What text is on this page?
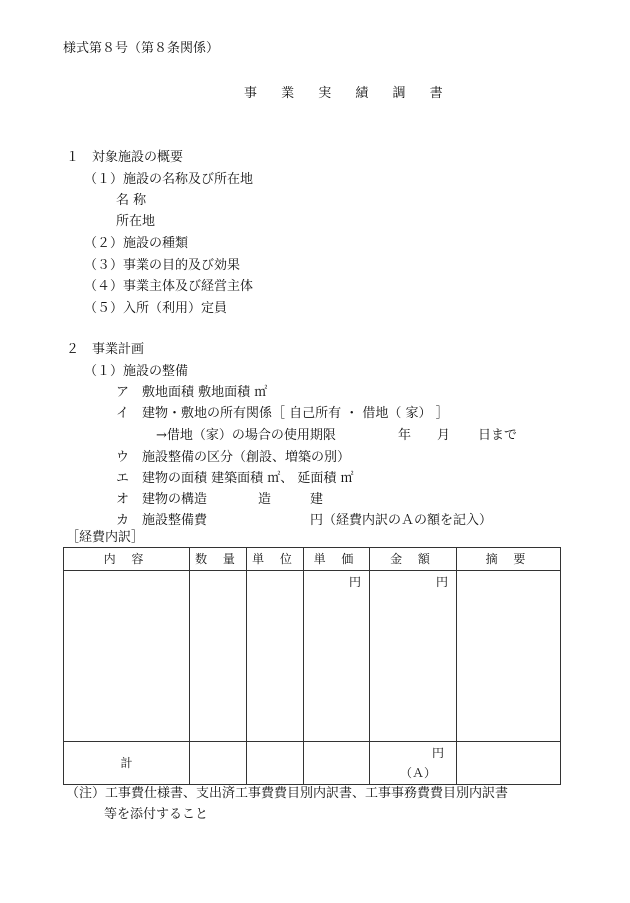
様式第８号（第８条関係）
事 業 実 績 調 書
１　対象施設の概要
（１）施設の名称及び所在地
名 称
所在地
（２）施設の種類
（３）事業の目的及び効果
（４）事業主体及び経営主体
（５）入所（利用）定員
２　事業計画
（１）施設の整備
ア　敷地面積 敷地面積 ㎡
イ　建物・敷地の所有関係［ 自己所有 ・ 借地（ 家） ］
→借地（家）の場合の使用期限	年 月 日まで
ウ　施設整備の区分（創設、増築の別）
エ　建物の面積 建築面積 ㎡、 延面積 ㎡
オ　建物の構造	造	建
カ　施設整備費	円（経費内訳のＡの額を記入）
［経費内訳］
内 容	数 量	単 位	単 価	金 額	摘 要
			円	円	
計				円
（Ａ）	

（注）工事費仕様書、支出済工事費費目別内訳書、工事事務費費目別内訳書
等を添付すること
